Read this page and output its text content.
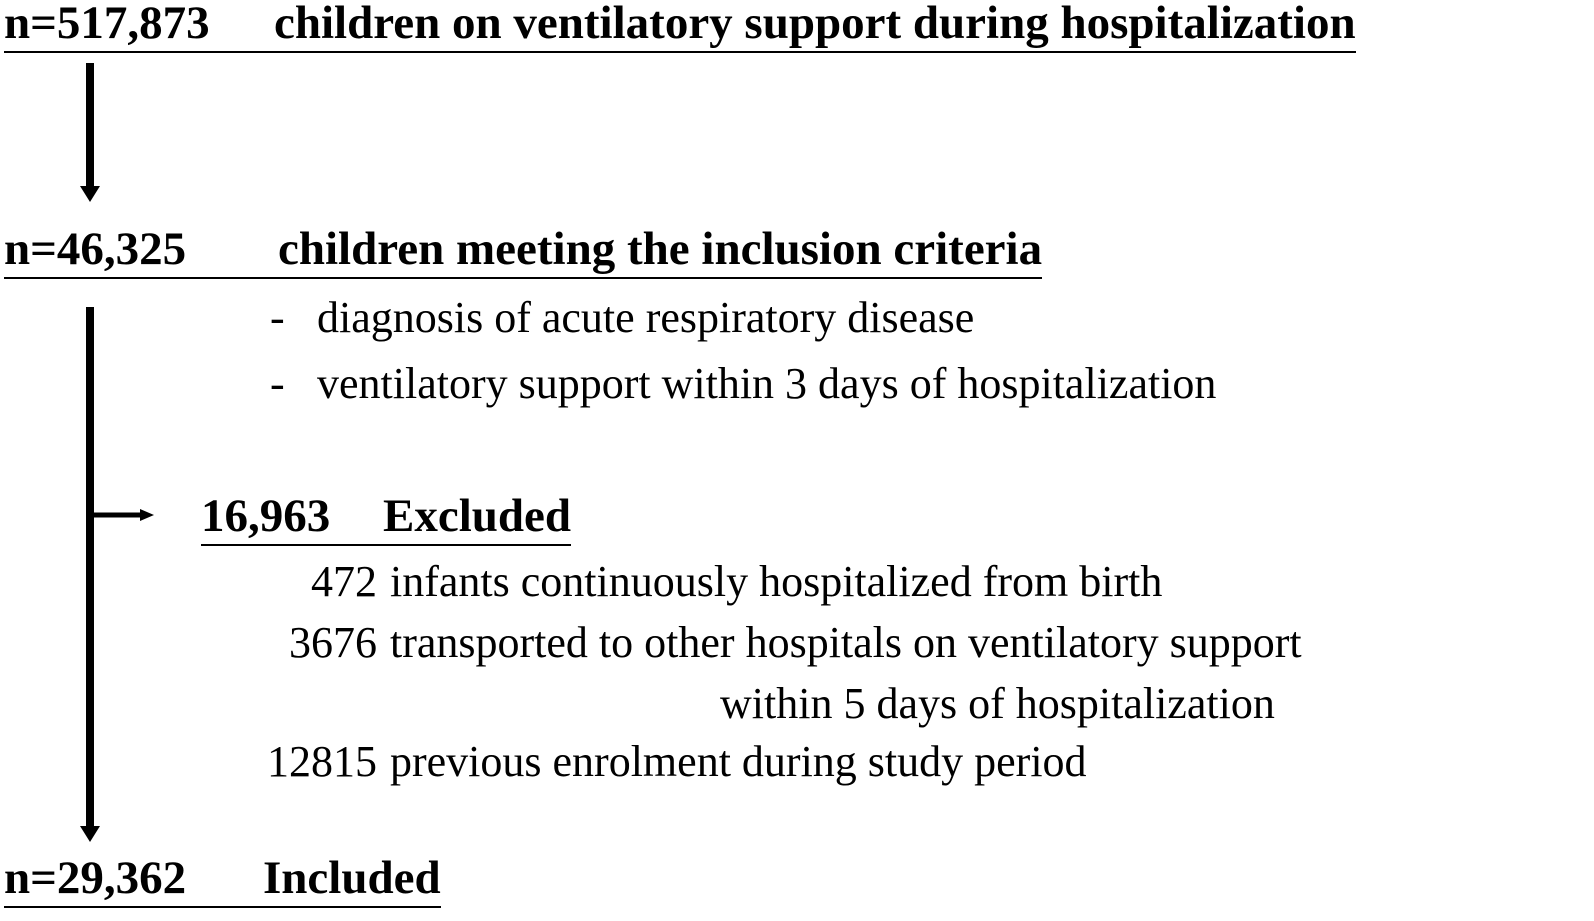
n=517,873 children on ventilatory support during hospitalization
n=46,325 children meeting the inclusion criteria
- diagnosis of acute respiratory disease
- ventilatory support within 3 days of hospitalization
16,963 Excluded
472 infants continuously hospitalized from birth
3676 transported to other hospitals on ventilatory support
within 5 days of hospitalization
12815 previous enrolment during study period
n=29,362 Included
